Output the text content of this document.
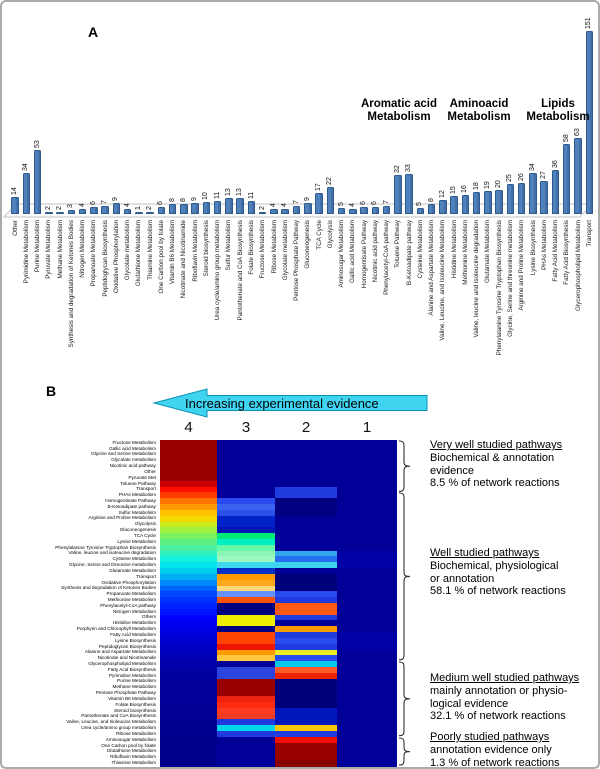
A
14
Other
34
Pyrimidine Metabolism
53
Purine Metabolism
2
Pyruvate Metabolism
2
Methane Metabolism
3
Synthesis and degradation of Ketones Bodies
4
Nitrogen Metabolism
6
Propanoate Metabolism
7
Peptidoglycan Biosynthesis
9
Oxidative Phosphorylation
4
Glycolate metabolism
1
Glutathione Metabolism
2
Thiamine Metabolism
6
One Carbon pool by folate
8
Vitamin B6 Metabolism
8
Nicotinate and Nicotinamide
9
Riboflavin Metabolism
10
Steroid biosynthesis
11
Urea cycle/amino group metabolism
13
Sulfur Metabolism
13
Pantothenate and CoA Biosynthesis
11
Folate Biosynthesis
2
Fructose Metabolism
4
Ribose Metabolism
4
Glycolate metabolism
7
Pentose Phosphate Pathway
9
Gluconeogenesis
17
TCA Cycle
22
Glycolysis
5
Aminosugar Metabolism
4
Gallic acid Metabolism
6
Homogentisate Pathway
6
Nicotinic acid pathway
7
Phenylacetyl-CoA pathway
32
Toluene Pathway
33
B-Ketoadipate pathway
5
Cysteine Metabolism
8
Alanine and Aspartate Metabolism
12
Valine, Leucine, and Isoleucine Metabolism
15
Histidine Metabolism
16
Methionine Metabolism
18
Valine, leucine and isoleucine degradation
19
Glutamate Metabolism
20
Phenylalanine Tyrosine Tryptophan Biosynthesis
25
Glycine, Serine and threonine metabolism
26
Arginine and Proline Metabolism
34
Lysine Biosynthesis
27
PHAs Metabolism
36
Fatty Acid Metabolism
58
Fatty Acid Biosynthesis
63
Glycerophospholipid Metabolism
151
Transport
Aromatic acid
Metabolism
Aminoacid
Metabolism
Lipids
Metabolism
B
Increasing experimental evidence
4	3	2	1
Fructose Metabolism
Gallic acid Metabolism
Glycine and Serine Metabolism
Glycolate metabolism
Nicotinic acid pathway
Other
Pyruvate Met
Toluene Pathway
Transport
PHAs Metabolism
Homogentisate Pathway
B-Ketoadipate pathway
Sulfur Metabolism
Arginine and Proline Metabolism
Glycolysis
Gluconeogenesis
TCA Cycle
Lysine Metabolism
Phenylalanine Tyrosine Tryptophan Biosynthesis
Valine, leucine and isoleucine degradation
Cysteine Metabolism
Glycine, Serine and threonine metabolism
Glutamate Metabolism
Transport
Oxidative Phosphorylation
Synthesis and degradation of Ketones Bodies
Propanoate Metabolism
Methionine Metabolism
Phenylacetyl-CoA pathway
Nitrogen Metabolism
Others
Histidine Metabolism
Porphyrin and Chlorophyll Metabolism
Fatty Acid Metabolism
Lysine Biosynthesis
Peptidoglycan Biosynthesis
Alanine and Aspartate Metabolism
Nicotinate and Nicotinamide
Glycerophospholipid Metabolism
Fatty Acid Biosynthesis
Pyrimidine Metabolism
Purine Metabolism
Methane Metabolism
Pentose Phosphate Pathway
Vitamin B6 Metabolism
Folate Biosynthesis
Steroid biosynthesis
Pantothenate and CoA Biosynthesis
Valine, Leucine, and Isoleucine Metabolism
Urea cycle/amino group metabolism
Ribose Metabolism
Aminosugar Metabolism
One Carbon pool by folate
Glutathione Metabolism
Riboflavin Metabolism
Thiamine Metabolism
Very well studied pathways
Biochemical & annotation
evidence
8.5 % of network reactions
Well studied pathways
Biochemical, physiological
or annotation
58.1 % of network reactions
Medium well studied pathways
mainly annotation or physio-
logical evidence
32.1 % of network reactions
Poorly studied pathways
annotation evidence only
1.3 % of network reactions
